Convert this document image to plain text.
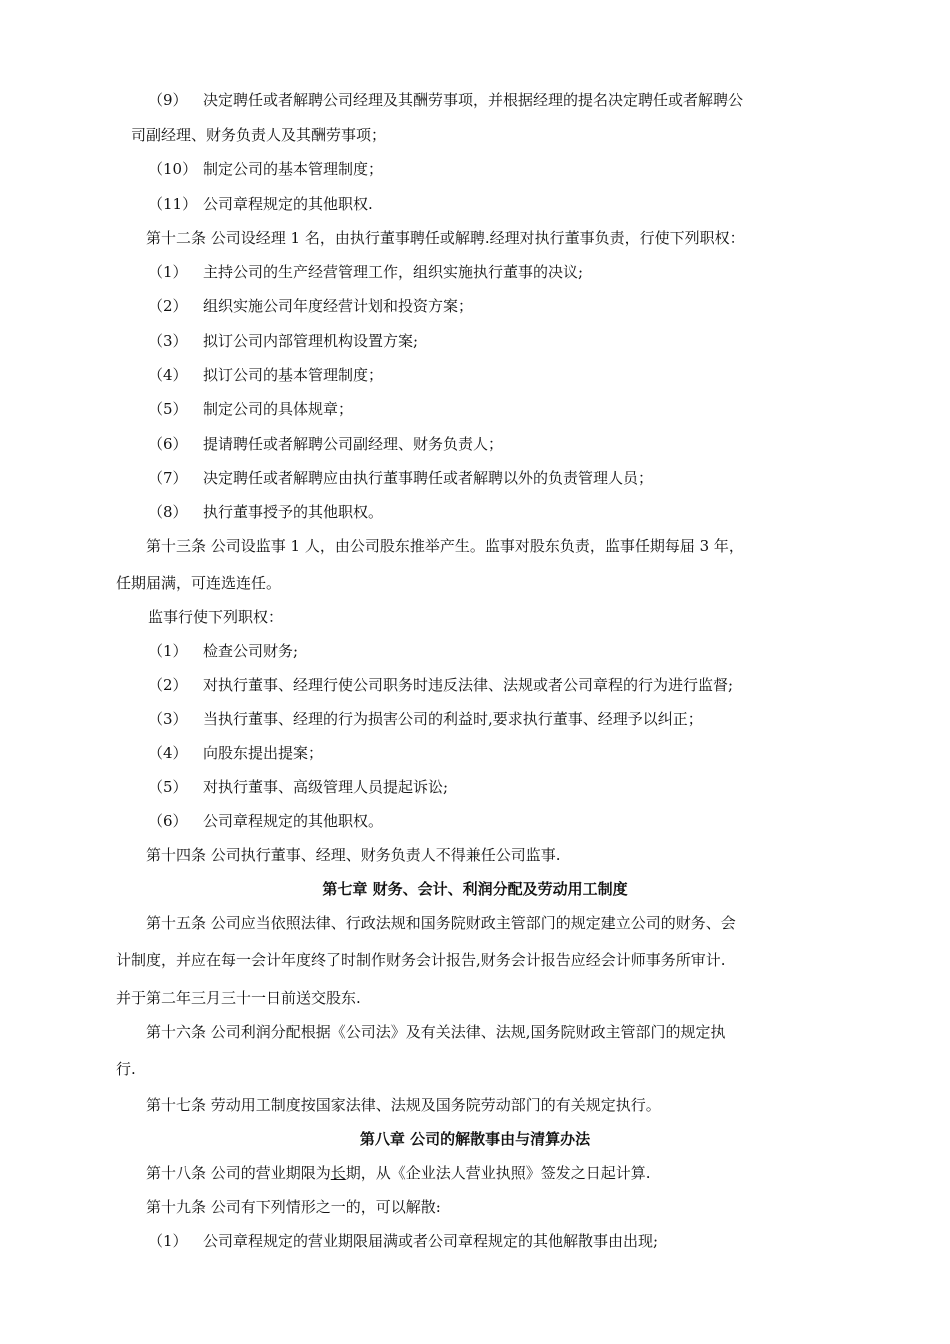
（9） 决定聘任或者解聘公司经理及其酬劳事项，并根据经理的提名决定聘任或者解聘公
司副经理、财务负责人及其酬劳事项；
（10） 制定公司的基本管理制度；
（11） 公司章程规定的其他职权.
第十二条 公司设经理 1 名，由执行董事聘任或解聘.经理对执行董事负责，行使下列职权：
（1） 主持公司的生产经营管理工作，组织实施执行董事的决议;
（2） 组织实施公司年度经营计划和投资方案；
（3） 拟订公司内部管理机构设置方案;
（4） 拟订公司的基本管理制度；
（5） 制定公司的具体规章；
（6） 提请聘任或者解聘公司副经理、财务负责人；
（7） 决定聘任或者解聘应由执行董事聘任或者解聘以外的负责管理人员；
（8） 执行董事授予的其他职权。
第十三条 公司设监事 1 人，由公司股东推举产生。监事对股东负责，监事任期每届 3 年，
任期届满，可连选连任。
监事行使下列职权：
（1） 检查公司财务;
（2） 对执行董事、经理行使公司职务时违反法律、法规或者公司章程的行为进行监督;
（3） 当执行董事、经理的行为损害公司的利益时,要求执行董事、经理予以纠正；
（4） 向股东提出提案；
（5） 对执行董事、高级管理人员提起诉讼;
（6） 公司章程规定的其他职权。
第十四条 公司执行董事、经理、财务负责人不得兼任公司监事.
第七章 财务、会计、利润分配及劳动用工制度
第十五条 公司应当依照法律、行政法规和国务院财政主管部门的规定建立公司的财务、会
计制度，并应在每一会计年度终了时制作财务会计报告,财务会计报告应经会计师事务所审计.
并于第二年三月三十一日前送交股东.
第十六条 公司利润分配根据《公司法》及有关法律、法规,国务院财政主管部门的规定执
行.
第十七条 劳动用工制度按国家法律、法规及国务院劳动部门的有关规定执行。
第八章 公司的解散事由与清算办法
第十八条 公司的营业期限为长期，从《企业法人营业执照》签发之日起计算.
第十九条 公司有下列情形之一的，可以解散:
（1） 公司章程规定的营业期限届满或者公司章程规定的其他解散事由出现;
